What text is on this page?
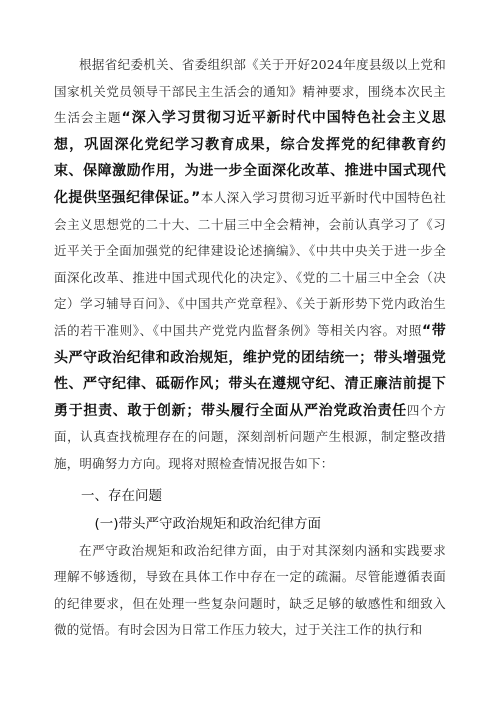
根据省纪委机关、省委组织部《关于开好2024年度县级以上党和国家机关党员领导干部民主生活会的通知》精神要求，围绕本次民主生活会主题“深入学习贯彻习近平新时代中国特色社会主义思想，巩固深化党纪学习教育成果，综合发挥党的纪律教育约束、保障激励作用，为进一步全面深化改革、推进中国式现代化提供坚强纪律保证。”本人深入学习贯彻习近平新时代中国特色社会主义思想党的二十大、二十届三中全会精神，会前认真学习了《习近平关于全面加强党的纪律建设论述摘编》、《中共中央关于进一步全面深化改革、推进中国式现代化的决定》、《党的二十届三中全会（决定）学习辅导百问》、《中国共产党章程》、《关于新形势下党内政治生活的若干准则》、《中国共产党党内监督条例》等相关内容。对照“带头严守政治纪律和政治规矩，维护党的团结统一；带头增强党性、严守纪律、砥砺作风；带头在遵规守纪、清正廉洁前提下勇于担责、敢于创新；带头履行全面从严治党政治责任四个方面，认真查找梳理存在的问题，深刻剖析问题产生根源，制定整改措施，明确努力方向。现将对照检查情况报告如下：

一、存在问题

(一)带头严守政治规矩和政治纪律方面

在严守政治规矩和政治纪律方面，由于对其深刻内涵和实践要求理解不够透彻，导致在具体工作中存在一定的疏漏。尽管能遵循表面的纪律要求，但在处理一些复杂问题时，缺乏足够的敏感性和细致入微的觉悟。有时会因为日常工作压力较大，过于关注工作的执行和
